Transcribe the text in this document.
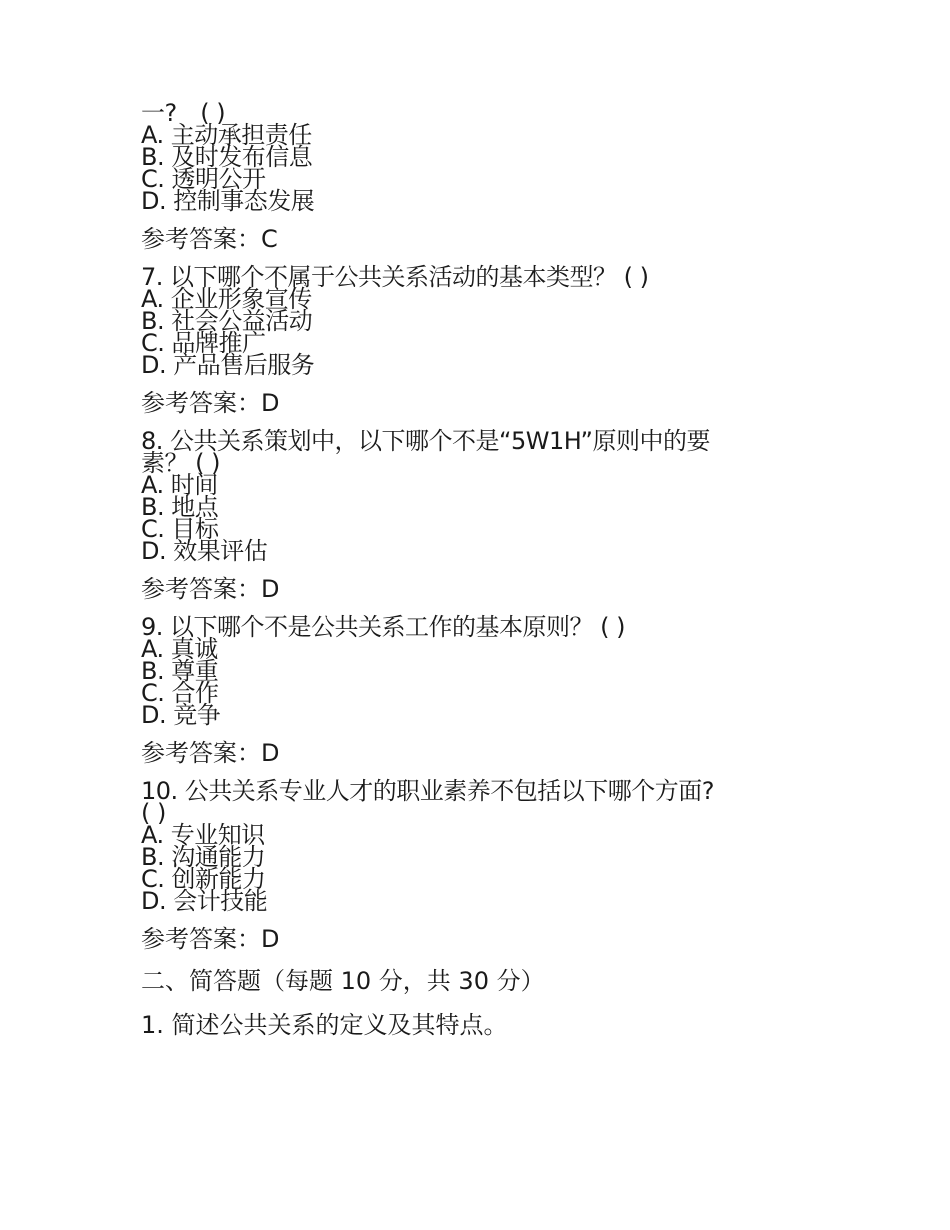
一?　( )
A. 主动承担责任
B. 及时发布信息
C. 透明公开
D. 控制事态发展
参考答案：C
7. 以下哪个不属于公共关系活动的基本类型？ ( )
A. 企业形象宣传
B. 社会公益活动
C. 品牌推广
D. 产品售后服务
参考答案：D
8. 公共关系策划中，以下哪个不是“5W1H”原则中的要
素？ ( )
A. 时间
B. 地点
C. 目标
D. 效果评估
参考答案：D
9. 以下哪个不是公共关系工作的基本原则？ ( )
A. 真诚
B. 尊重
C. 合作
D. 竞争
参考答案：D
10. 公共关系专业人才的职业素养不包括以下哪个方面?
( )
A. 专业知识
B. 沟通能力
C. 创新能力
D. 会计技能
参考答案：D
二、简答题（每题 10 分，共 30 分）
1. 简述公共关系的定义及其特点。
